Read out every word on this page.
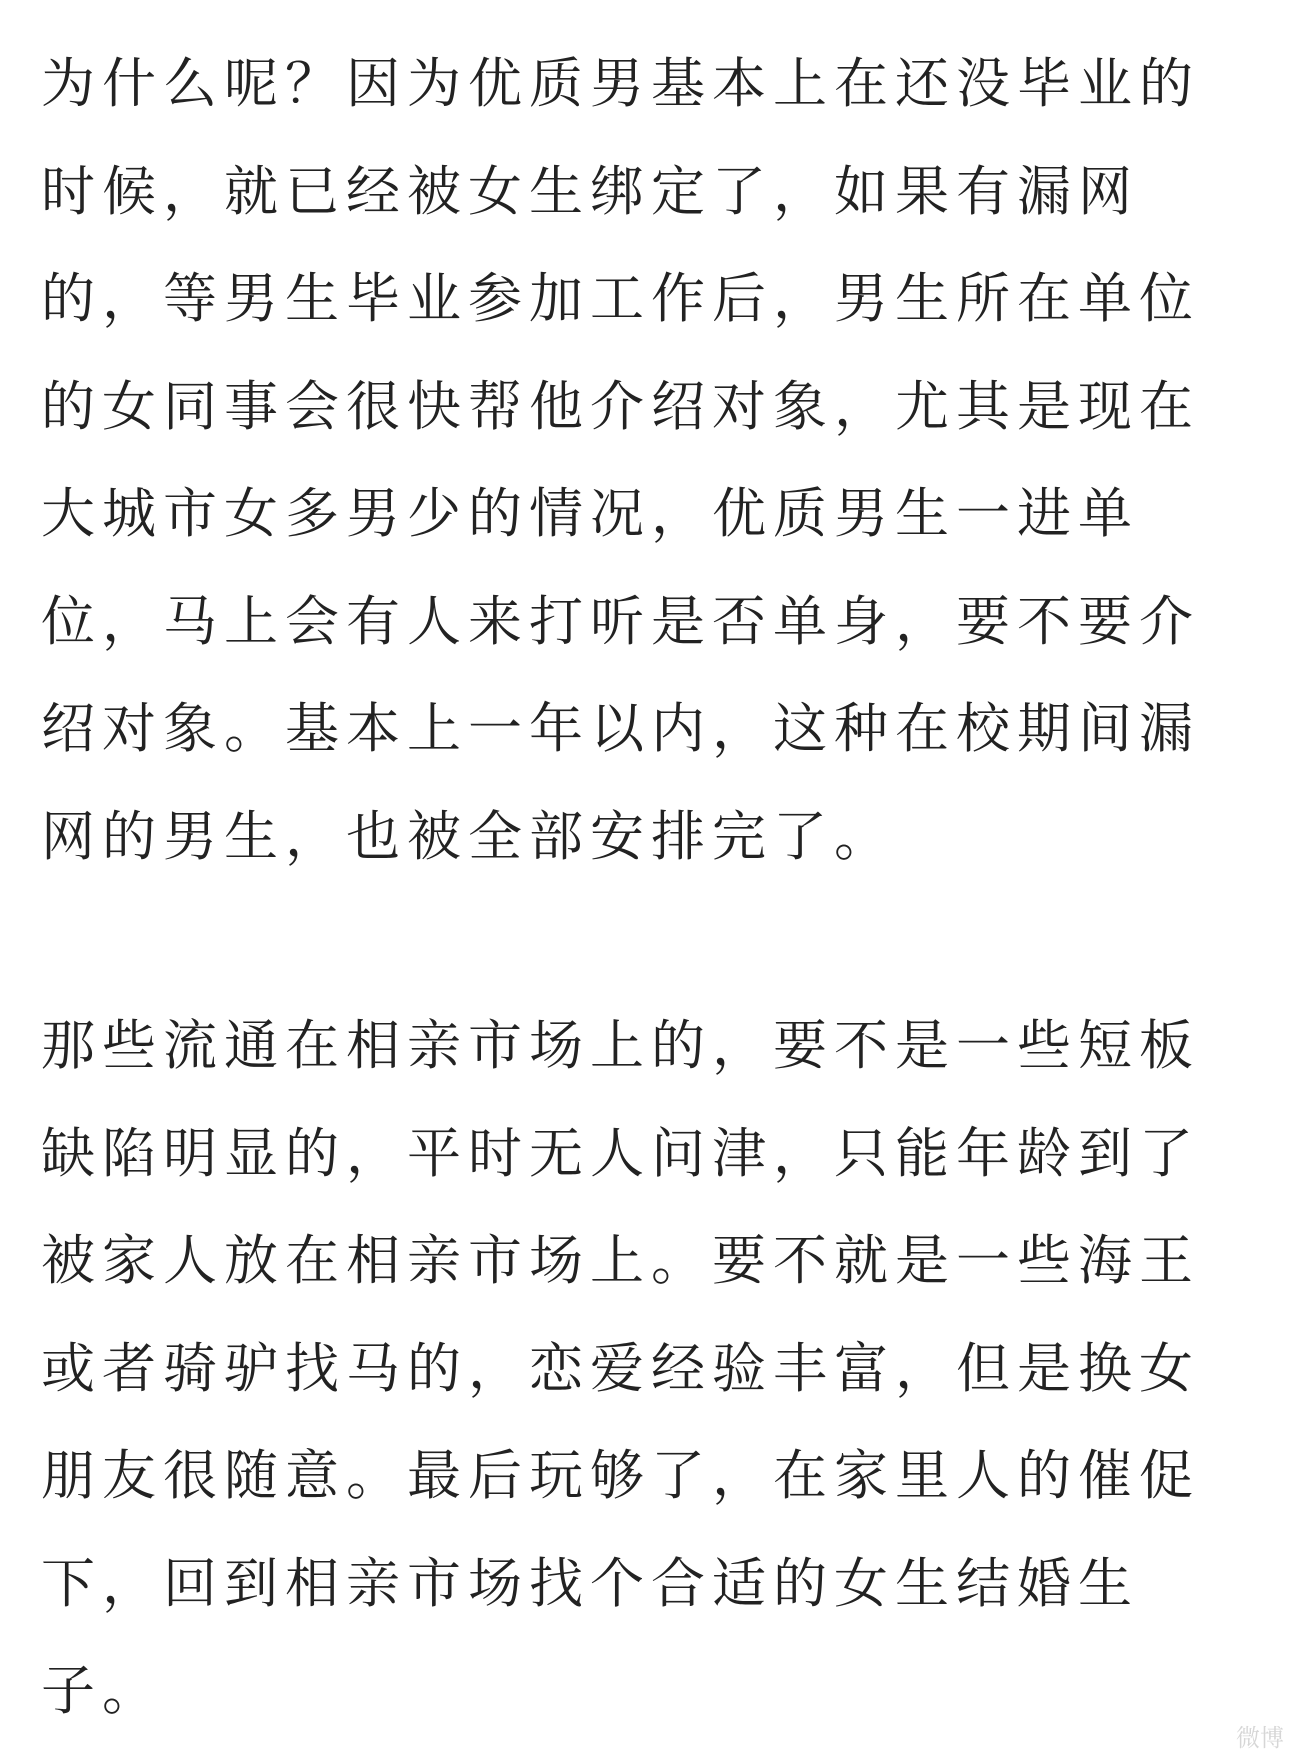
为什么呢？因为优质男基本上在还没毕业的
时候，就已经被女生绑定了，如果有漏网
的，等男生毕业参加工作后，男生所在单位
的女同事会很快帮他介绍对象，尤其是现在
大城市女多男少的情况，优质男生一进单
位，马上会有人来打听是否单身，要不要介
绍对象。基本上一年以内，这种在校期间漏
网的男生，也被全部安排完了。
那些流通在相亲市场上的，要不是一些短板
缺陷明显的，平时无人问津，只能年龄到了
被家人放在相亲市场上。要不就是一些海王
或者骑驴找马的，恋爱经验丰富，但是换女
朋友很随意。最后玩够了，在家里人的催促
下，回到相亲市场找个合适的女生结婚生
子。
微博
